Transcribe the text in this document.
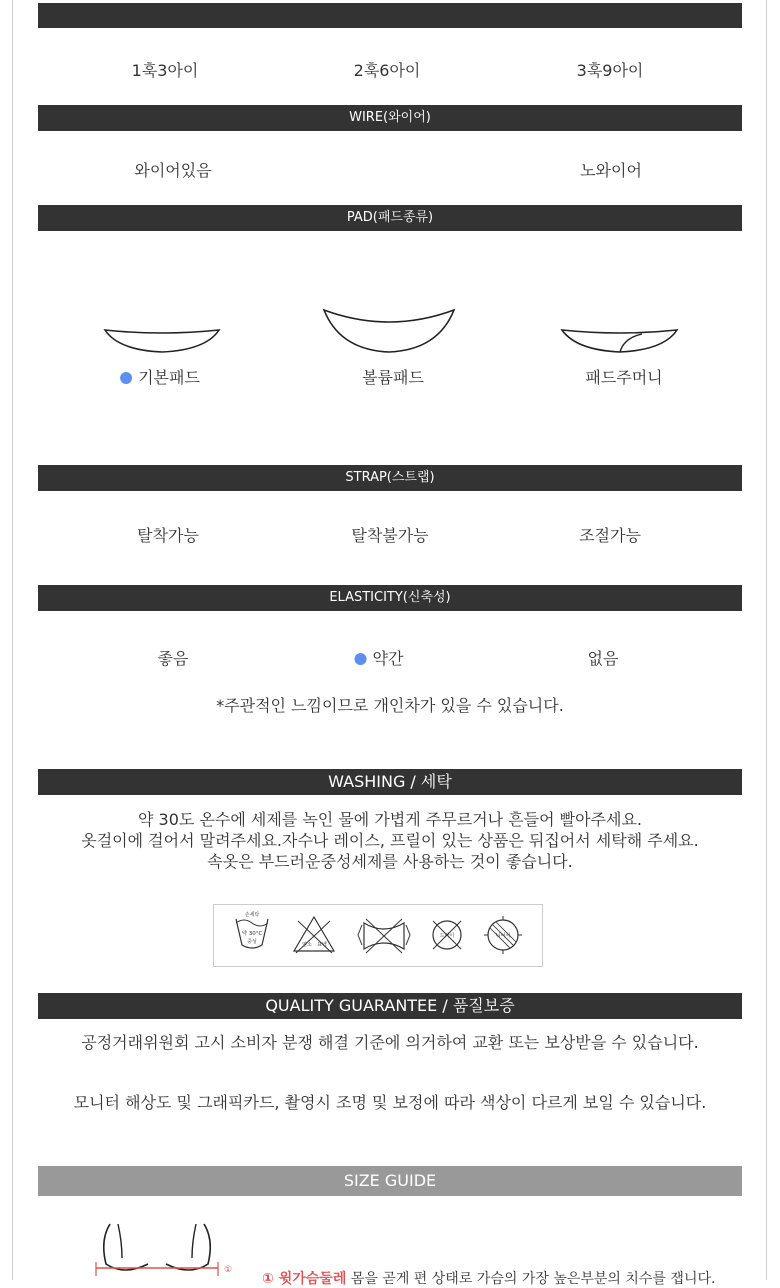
1훅3아이	2훅6아이	3훅9아이
WIRE(와이어)
와이어있음	노와이어
PAD(패드종류)
기본패드	볼륨패드	패드주머니
STRAP(스트랩)
탈착가능	탈착불가능	조절가능
ELASTICITY(신축성)
좋음	약간	없음
*주관적인 느낌이므로 개인차가 있을 수 있습니다.
WASHING / 세탁
약 30도 온수에 세제를 녹인 물에 가볍게 주무르거나 흔들어 빨아주세요.
옷걸이에 걸어서 말려주세요.자수나 레이스, 프릴이 있는 상품은 뒤집어서 세탁해 주세요.
속옷은 부드러운중성세제를 사용하는 것이 좋습니다.
손세탁
약 30°C
중성	염소 표백
드라이	뉘어서
QUALITY GUARANTEE / 품질보증
공정거래위원회 고시 소비자 분쟁 해결 기준에 의거하여 교환 또는 보상받을 수 있습니다.
모니터 해상도 및 그래픽카드, 촬영시 조명 및 보정에 따라 색상이 다르게 보일 수 있습니다.
SIZE GUIDE
①
① 윗가슴둘레 몸을 곧게 편 상태로 가슴의 가장 높은부분의 치수를 잽니다.
